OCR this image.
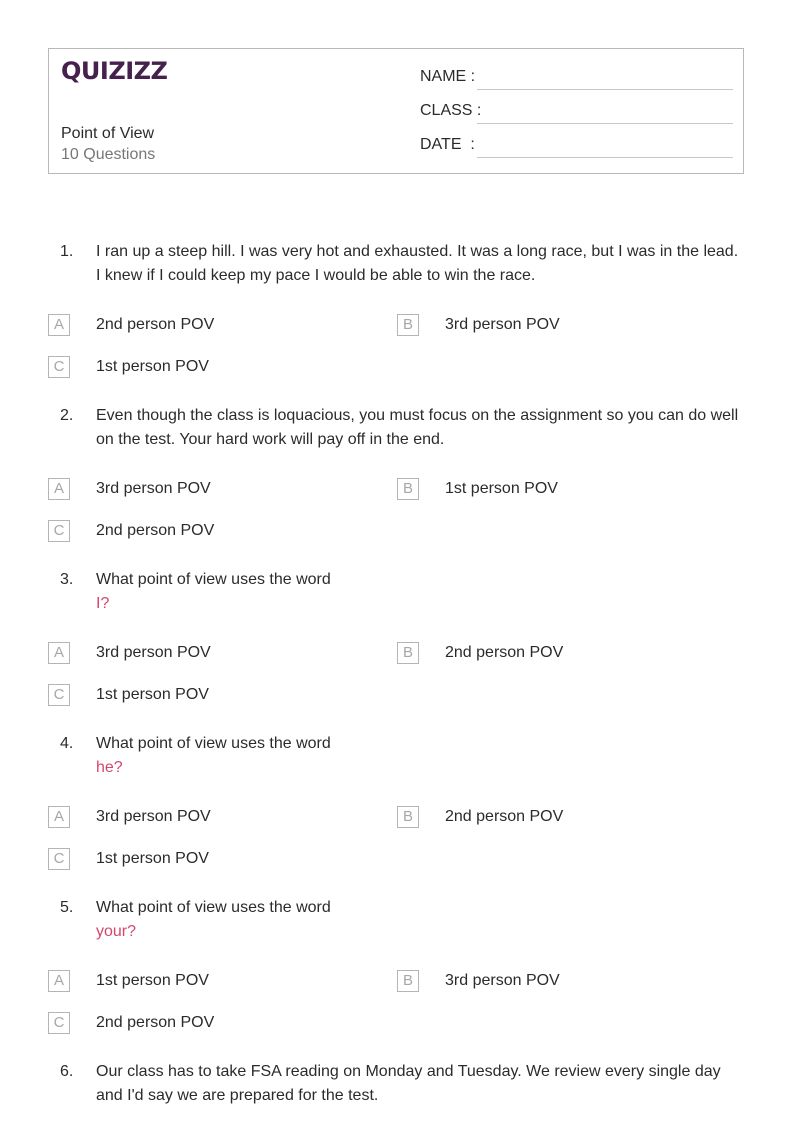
QUIZIZZ
Point of View
10 Questions
NAME :
CLASS :
DATE  :
1. I ran up a steep hill. I was very hot and exhausted. It was a long race, but I was in the lead. I knew if I could keep my pace I would be able to win the race.
A	2nd person POV	B	3rd person POV
C	1st person POV
2. Even though the class is loquacious, you must focus on the assignment so you can do well on the test. Your hard work will pay off in the end.
A	3rd person POV	B	1st person POV
C	2nd person POV
3. What point of view uses the word
I?
A	3rd person POV	B	2nd person POV
C	1st person POV
4. What point of view uses the word
he?
A	3rd person POV	B	2nd person POV
C	1st person POV
5. What point of view uses the word
your?
A	1st person POV	B	3rd person POV
C	2nd person POV
6. Our class has to take FSA reading on Monday and Tuesday. We review every single day and I'd say we are prepared for the test.
